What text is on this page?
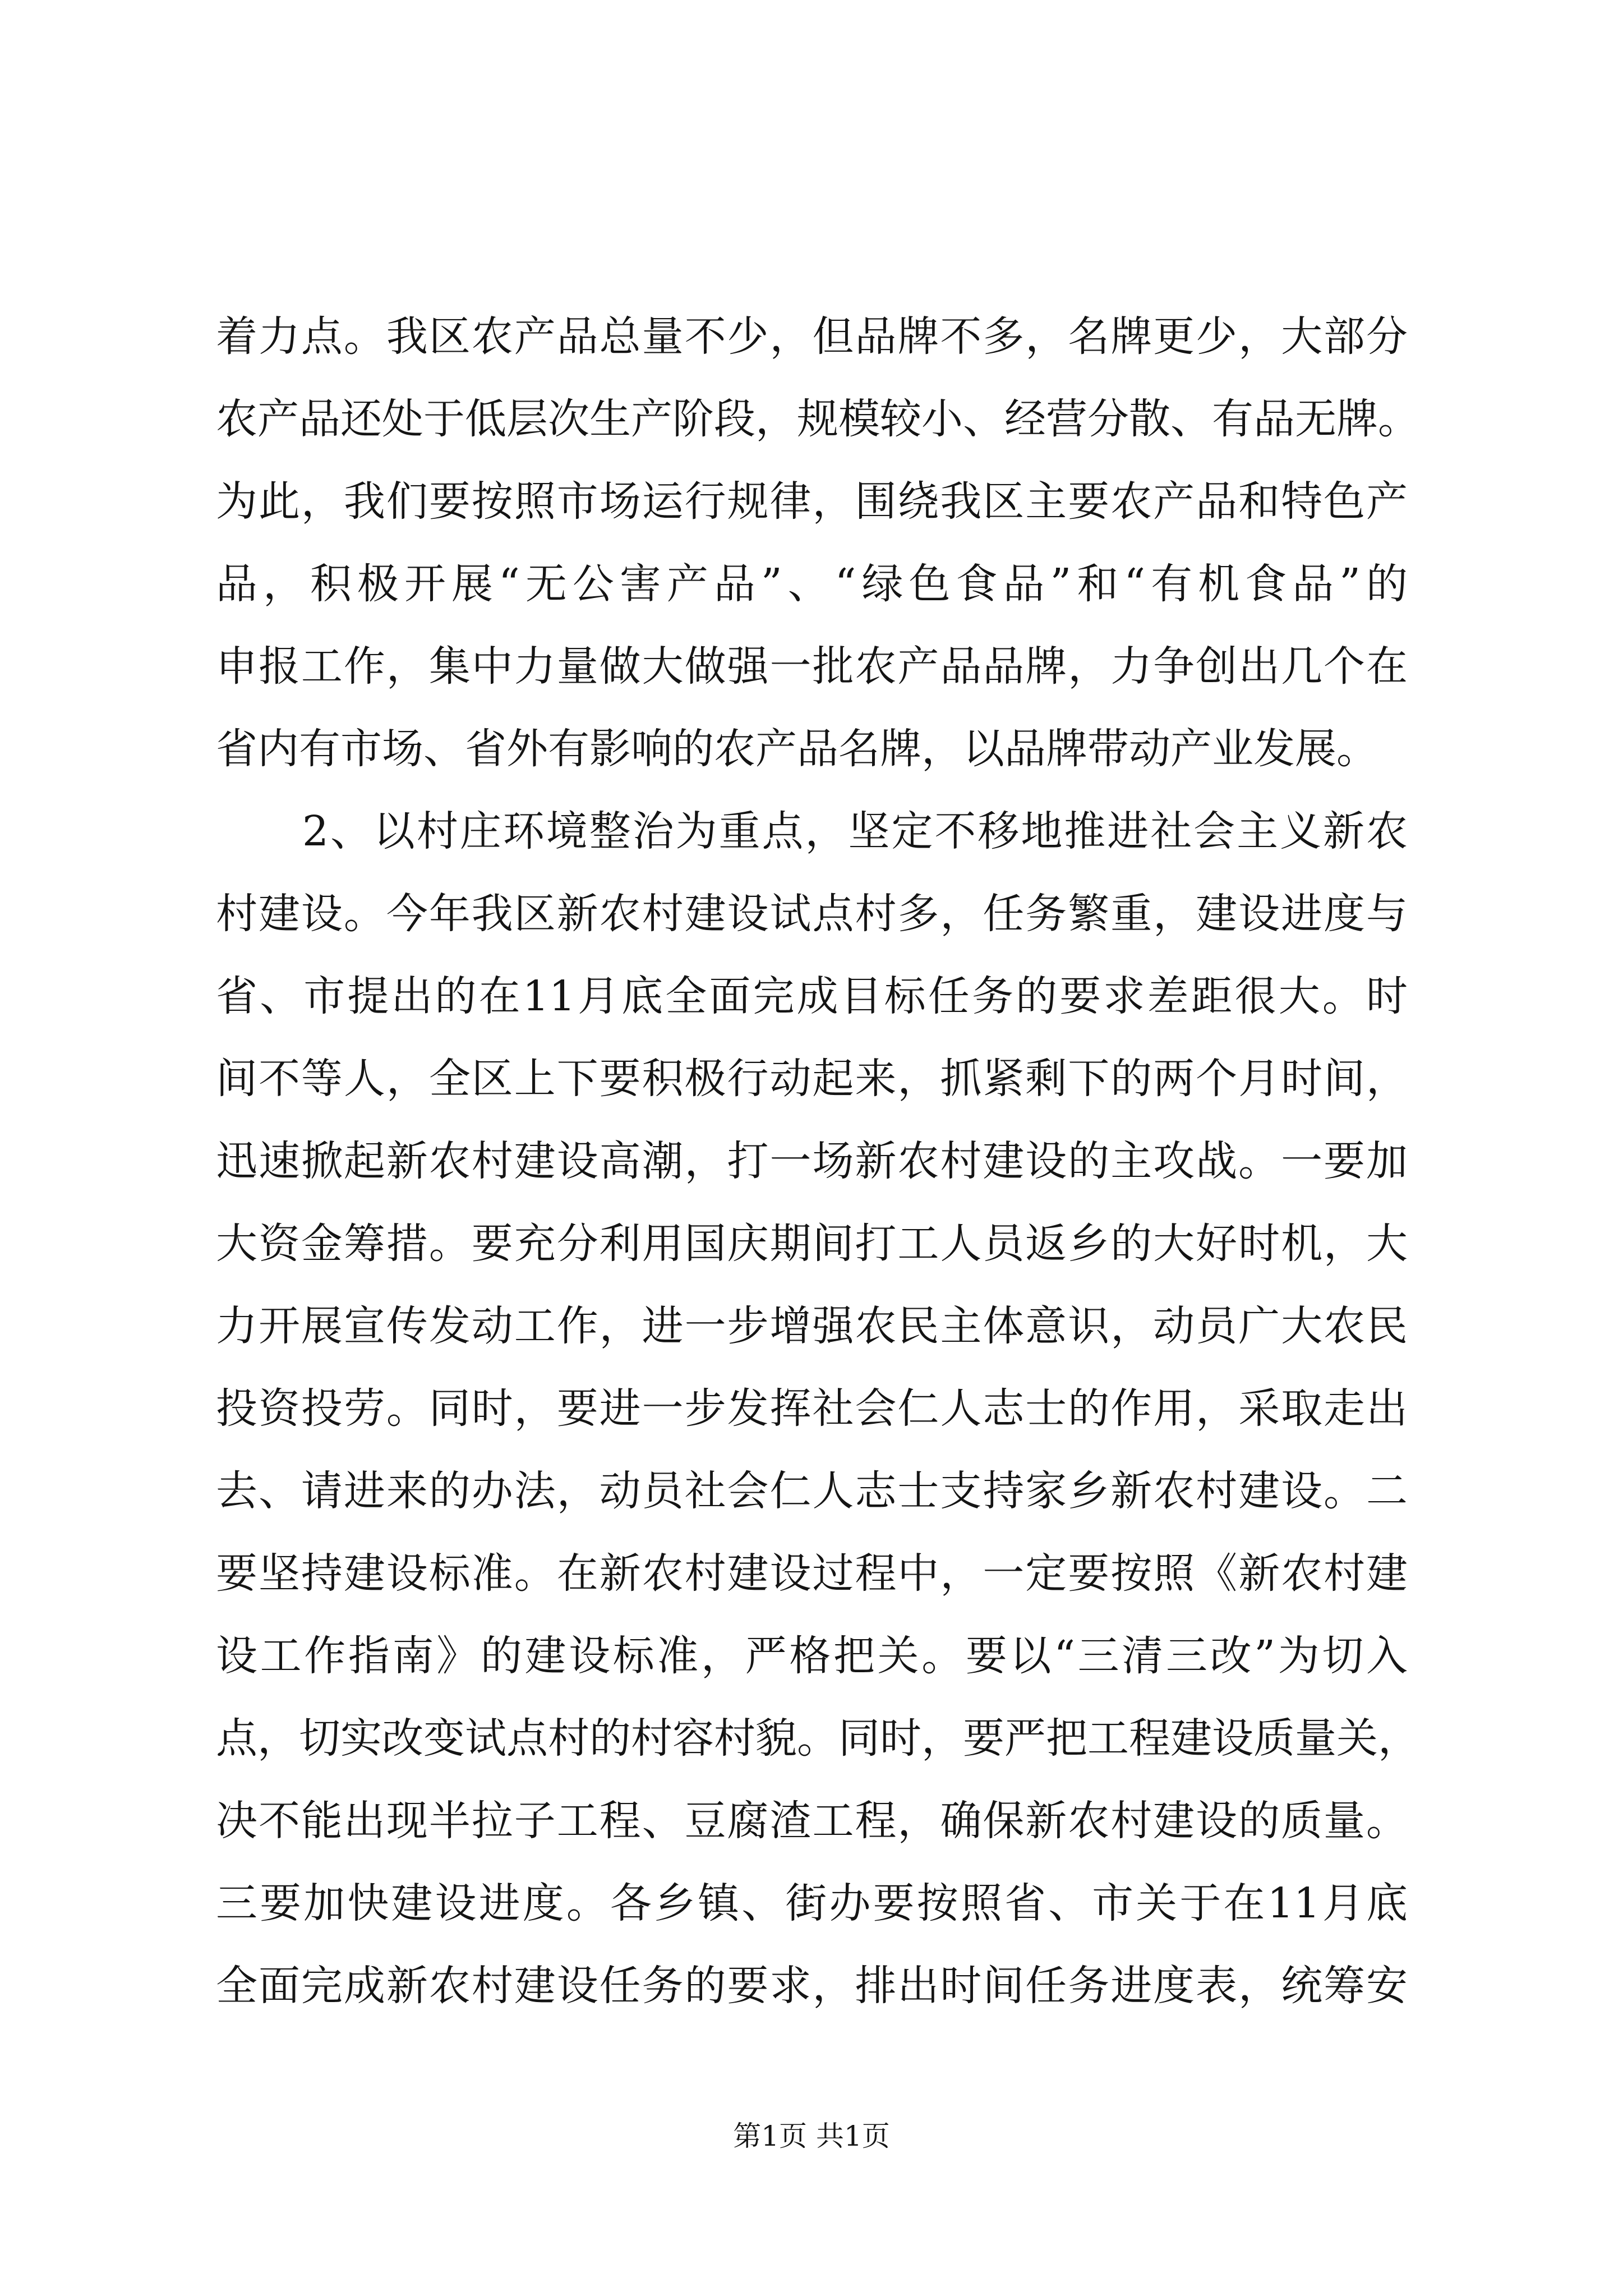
着力点。我区农产品总量不少，但品牌不多，名牌更少，大部分
农产品还处于低层次生产阶段，规模较小、经营分散、有品无牌。
为此，我们要按照市场运行规律，围绕我区主要农产品和特色产
品，积极开展“无公害产品”、“绿色食品”和“有机食品”的
申报工作，集中力量做大做强一批农产品品牌，力争创出几个在
省内有市场、省外有影响的农产品名牌，以品牌带动产业发展。
　　2、以村庄环境整治为重点，坚定不移地推进社会主义新农
村建设。今年我区新农村建设试点村多，任务繁重，建设进度与
省、市提出的在11月底全面完成目标任务的要求差距很大。时
间不等人，全区上下要积极行动起来，抓紧剩下的两个月时间，
迅速掀起新农村建设高潮，打一场新农村建设的主攻战。一要加
大资金筹措。要充分利用国庆期间打工人员返乡的大好时机，大
力开展宣传发动工作，进一步增强农民主体意识，动员广大农民
投资投劳。同时，要进一步发挥社会仁人志士的作用，采取走出
去、请进来的办法，动员社会仁人志士支持家乡新农村建设。二
要坚持建设标准。在新农村建设过程中，一定要按照《新农村建
设工作指南》的建设标准，严格把关。要以“三清三改”为切入
点，切实改变试点村的村容村貌。同时，要严把工程建设质量关，
决不能出现半拉子工程、豆腐渣工程，确保新农村建设的质量。
三要加快建设进度。各乡镇、街办要按照省、市关于在11月底
全面完成新农村建设任务的要求，排出时间任务进度表，统筹安
第1页 共1页
